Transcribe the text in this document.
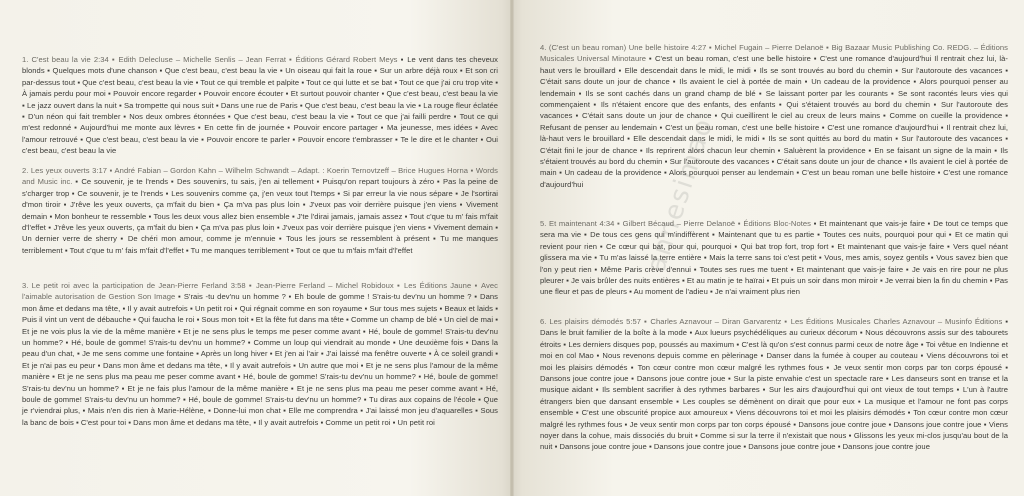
1. C'est beau la vie 2:34 ▪ Edith Delecluse – Michelle Senlis – Jean Ferrat ▪ Éditions Gérard Robert Meys ▪ Le vent dans tes cheveux blonds ▪ Quelques mots d'une chanson ▪ Que c'est beau, c'est beau la vie ▪ Un oiseau qui fait la roue ▪ Sur un arbre déjà roux ▪ Et son cri par-dessus tout ▪ Que c'est beau, c'est beau la vie ▪ Tout ce qui tremble et palpite ▪ Tout ce qui lutte et se bat ▪ Tout ce que j'ai cru trop vite ▪ À jamais perdu pour moi ▪ Pouvoir encore regarder ▪ Pouvoir encore écouter ▪ Et surtout pouvoir chanter ▪ Que c'est beau, c'est beau la vie ▪ Le jazz ouvert dans la nuit ▪ Sa trompette qui nous suit ▪ Dans une rue de Paris ▪ Que c'est beau, c'est beau la vie ▪ La rouge fleur éclatée ▪ D'un néon qui fait trembler ▪ Nos deux ombres étonnées ▪ Que c'est beau, c'est beau la vie ▪ Tout ce que j'ai failli perdre ▪ Tout ce qui m'est redonné ▪ Aujourd'hui me monte aux lèvres ▪ En cette fin de journée ▪ Pouvoir encore partager ▪ Ma jeunesse, mes idées ▪ Avec l'amour retrouvé ▪ Que c'est beau, c'est beau la vie ▪ Pouvoir encore te parler ▪ Pouvoir encore t'embrasser ▪ Te le dire et le chanter ▪ Oui c'est beau, c'est beau la vie
2. Les yeux ouverts 3:17 ▪ André Fabian – Gordon Kahn – Wilhelm Schwandt – Adapt. : Koerin Ternovtzeff – Brice Hugues Horna ▪ Words and Music inc. ▪ Ce souvenir, je te l'rends ▪ Des souvenirs, tu sais, j'en ai tellement ▪ Puisqu'on repart toujours à zéro ▪ Pas la peine de s'charger trop ▪ Ce souvenir, je te l'rends ▪ Les souvenirs comme ça, j'en veux tout l'temps ▪ Si par erreur la vie nous sépare ▪ Je l'sortirai d'mon tiroir ▪ J'rêve les yeux ouverts, ça m'fait du bien ▪ Ça m'va pas plus loin ▪ J'veux pas voir derrière puisque j'en viens ▪ Vivement demain ▪ Mon bonheur te ressemble ▪ Tous les deux vous allez bien ensemble ▪ J'te l'dirai jamais, jamais assez ▪ Tout c'que tu m' fais m'fait d'l'effet ▪ J'rêve les yeux ouverts, ça m'fait du bien ▪ Ça m'va pas plus loin ▪ J'veux pas voir derrière puisque j'en viens ▪ Vivement demain ▪ Un dernier verre de sherry ▪ De chéri mon amour, comme je m'ennuie ▪ Tous les jours se ressemblent à présent ▪ Tu me manques terriblement ▪ Tout c'que tu m' fais m'fait d'l'effet ▪ Tu me manques terriblement ▪ Tout ce que tu m'fais m'fait d'l'effet
3. Le petit roi avec la participation de Jean-Pierre Ferland 3:58 ▪ Jean-Pierre Ferland – Michel Robidoux ▪ Les Éditions Jaune ▪ Avec l'aimable autorisation de Gestion Son Image ▪ S'rais -tu dev'nu un homme ? ▪ Eh boule de gomme ! S'rais-tu dev'nu un homme ? ▪ Dans mon âme et dedans ma tête, ▪ Il y avait autrefois ▪ Un petit roi ▪ Qui régnait comme en son royaume ▪ Sur tous mes sujets ▪ Beaux et laids ▪ Puis il vint un vent de débauche ▪ Qui faucha le roi ▪ Sous mon toit ▪ Et la fête fut dans ma tête ▪ Comme un champ de blé ▪ Un ciel de mai ▪ Et je ne vois plus la vie de la même manière ▪ Et je ne sens plus le temps me peser comme avant ▪ Hé, boule de gomme! S'rais-tu dev'nu un homme? ▪ Hé, boule de gomme! S'rais-tu dev'nu un homme? ▪ Comme un loup qui viendrait au monde ▪ Une deuxième fois ▪ Dans la peau d'un chat, ▪ Je me sens comme une fontaine ▪ Après un long hiver ▪ Et j'en ai l'air ▪ J'ai laissé ma fenêtre ouverte ▪ À ce soleil grandi ▪ Et je n'ai pas eu peur ▪ Dans mon âme et dedans ma tête, ▪ Il y avait autrefois ▪ Un autre que moi ▪ Et je ne sens plus l'amour de la même manière ▪ Et je ne sens plus ma peau me peser comme avant ▪ Hé, boule de gomme! S'rais-tu dev'nu un homme? ▪ Hé, boule de gomme! S'rais-tu dev'nu un homme? ▪ Et je ne fais plus l'amour de la même manière ▪ Et je ne sens plus ma peau me peser comme avant ▪ Hé, boule de gomme! S'rais-tu dev'nu un homme? ▪ Hé, boule de gomme! S'rais-tu dev'nu un homme? ▪ Tu diras aux copains de l'école ▪ Que je r'viendrai plus, ▪ Mais n'en dis rien à Marie-Hélène, ▪ Donne-lui mon chat ▪ Elle me comprendra ▪ J'ai laissé mon jeu d'aquarelles ▪ Sous la banc de bois ▪ C'est pour toi ▪ Dans mon âme et dedans ma tête, ▪ Il y avait autrefois ▪ Comme un petit roi ▪ Un petit roi
4. (C'est un beau roman) Une belle histoire 4:27 ▪ Michel Fugain – Pierre Delanoë ▪ Big Bazaar Music Publishing Co. REDG. – Éditions Musicales Universal Minotaure ▪ C'est un beau roman, c'est une belle histoire ▪ C'est une romance d'aujourd'hui Il rentrait chez lui, là-haut vers le brouillard ▪ Elle descendait dans le midi, le midi ▪ Ils se sont trouvés au bord du chemin ▪ Sur l'autoroute des vacances ▪ C'était sans doute un jour de chance ▪ Ils avaient le ciel à portée de main ▪ Un cadeau de la providence ▪ Alors pourquoi penser au lendemain ▪ Ils se sont cachés dans un grand champ de blé ▪ Se laissant porter par les courants ▪ Se sont racontés leurs vies qui commençaient ▪ Ils n'étaient encore que des enfants, des enfants ▪ Qui s'étaient trouvés au bord du chemin ▪ Sur l'autoroute des vacances ▪ C'était sans doute un jour de chance ▪ Qui cueillirent le ciel au creux de leurs mains ▪ Comme on cueille la providence ▪ Refusant de penser au lendemain ▪ C'est un beau roman, c'est une belle histoire ▪ C'est une romance d'aujourd'hui ▪ Il rentrait chez lui, là-haut vers le brouillard ▪ Elle descendait dans le midi, le midi ▪ Ils se sont quittés au bord du matin ▪ Sur l'autoroute des vacances ▪ C'était fini le jour de chance ▪ Ils reprirent alors chacun leur chemin ▪ Saluèrent la providence ▪ En se faisant un signe de la main ▪ Ils s'étaient trouvés au bord du chemin ▪ Sur l'autoroute des vacances ▪ C'était sans doute un jour de chance ▪ Ils avaient le ciel à portée de main ▪ Un cadeau de la providence ▪ Alors pourquoi penser au lendemain ▪ C'est un beau roman une belle histoire ▪ C'est une romance d'aujourd'hui
5. Et maintenant 4:34 ▪ Gilbert Bécaud – Pierre Delanoë ▪ Éditions Bloc-Notes ▪ Et maintenant que vais-je faire ▪ De tout ce temps que sera ma vie ▪ De tous ces gens qui m'indiffèrent ▪ Maintenant que tu es partie ▪ Toutes ces nuits, pourquoi pour qui ▪ Et ce matin qui revient pour rien ▪ Ce cœur qui bat, pour qui, pourquoi ▪ Qui bat trop fort, trop fort ▪ Et maintenant que vais-je faire ▪ Vers quel néant glissera ma vie ▪ Tu m'as laissé la terre entière ▪ Mais la terre sans toi c'est petit ▪ Vous, mes amis, soyez gentils ▪ Vous savez bien que l'on y peut rien ▪ Même Paris crève d'ennui ▪ Toutes ses rues me tuent ▪ Et maintenant que vais-je faire ▪ Je vais en rire pour ne plus pleurer ▪ Je vais brûler des nuits entières ▪ Et au matin je te haïrai ▪ Et puis un soir dans mon miroir ▪ Je verrai bien la fin du chemin ▪ Pas une fleur et pas de pleurs ▪ Au moment de l'adieu ▪ Je n'ai vraiment plus rien
6. Les plaisirs démodés 5:57 ▪ Charles Aznavour – Diran Garvarentz ▪ Les Éditions Musicales Charles Aznavour – Musinfo Éditions ▪ Dans le bruit familier de la boîte à la mode ▪ Aux lueurs psychédéliques au curieux décorum ▪ Nous découvrons assis sur des tabourets étroits ▪ Les derniers disques pop, poussés au maximum ▪ C'est là qu'on s'est connus parmi ceux de notre âge ▪ Toi vêtue en Indienne et moi en col Mao ▪ Nous revenons depuis comme en pèlerinage ▪ Danser dans la fumée à couper au couteau ▪ Viens découvrons toi et moi les plaisirs démodés ▪ Ton cœur contre mon cœur malgré les rythmes fous ▪ Je veux sentir mon corps par ton corps épousé ▪ Dansons joue contre joue ▪ Dansons joue contre joue ▪ Sur la piste envahie c'est un spectacle rare ▪ Les danseurs sont en transe et la musique aidant ▪ Ils semblent sacrifier à des rythmes barbares ▪ Sur les airs d'aujourd'hui qui ont vieux de tout temps ▪ L'un à l'autre étrangers bien que dansant ensemble ▪ Les couples se démènent on dirait que pour eux ▪ La musique et l'amour ne font pas corps ensemble ▪ C'est une obscurité propice aux amoureux ▪ Viens découvrons toi et moi les plaisirs démodés ▪ Ton cœur contre mon cœur malgré les rythmes fous ▪ Je veux sentir mon corps par ton corps épousé ▪ Dansons joue contre joue ▪ Dansons joue contre joue ▪ Viens noyer dans la cohue, mais dissociés du bruit ▪ Comme si sur la terre il n'existait que nous ▪ Glissons les yeux mi-clos jusqu'au bout de la nuit ▪ Dansons joue contre joue ▪ Dansons joue contre joue ▪ Dansons joue contre joue ▪ Dansons joue contre joue
annesimao
